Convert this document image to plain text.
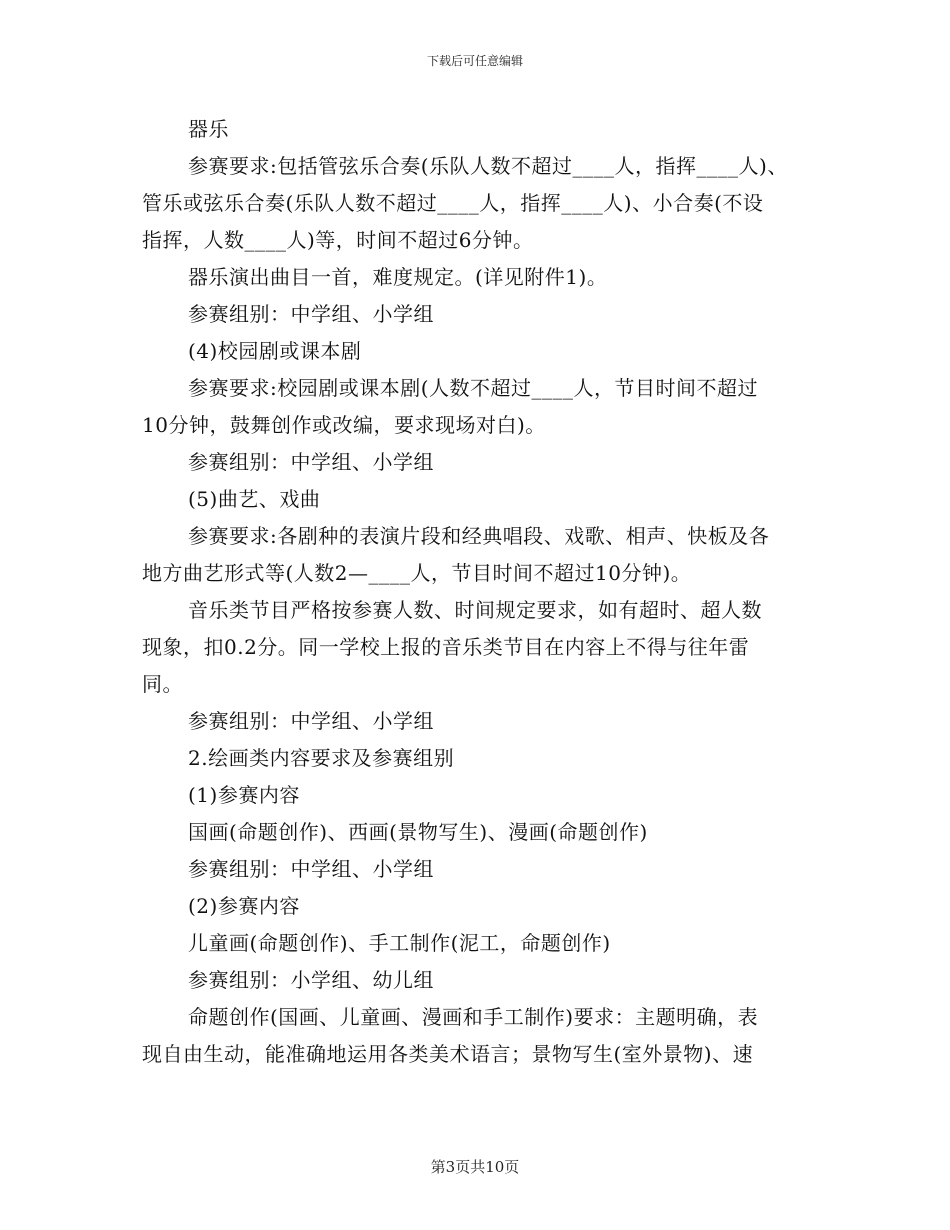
下载后可任意编辑
器乐
参赛要求:包括管弦乐合奏(乐队人数不超过____人，指挥____人)、
管乐或弦乐合奏(乐队人数不超过____人，指挥____人)、小合奏(不设
指挥，人数____人)等，时间不超过6分钟。
器乐演出曲目一首，难度规定。(详见附件1)。
参赛组别：中学组、小学组
(4)校园剧或课本剧
参赛要求:校园剧或课本剧(人数不超过____人，节目时间不超过
10分钟，鼓舞创作或改编，要求现场对白)。
参赛组别：中学组、小学组
(5)曲艺、戏曲
参赛要求:各剧种的表演片段和经典唱段、戏歌、相声、快板及各
地方曲艺形式等(人数2—____人，节目时间不超过10分钟)。
音乐类节目严格按参赛人数、时间规定要求，如有超时、超人数
现象，扣0.2分。同一学校上报的音乐类节目在内容上不得与往年雷
同。
参赛组别：中学组、小学组
2.绘画类内容要求及参赛组别
(1)参赛内容
国画(命题创作)、西画(景物写生)、漫画(命题创作)
参赛组别：中学组、小学组
(2)参赛内容
儿童画(命题创作)、手工制作(泥工，命题创作)
参赛组别：小学组、幼儿组
命题创作(国画、儿童画、漫画和手工制作)要求：主题明确，表
现自由生动，能准确地运用各类美术语言；景物写生(室外景物)、速
第3页共10页
